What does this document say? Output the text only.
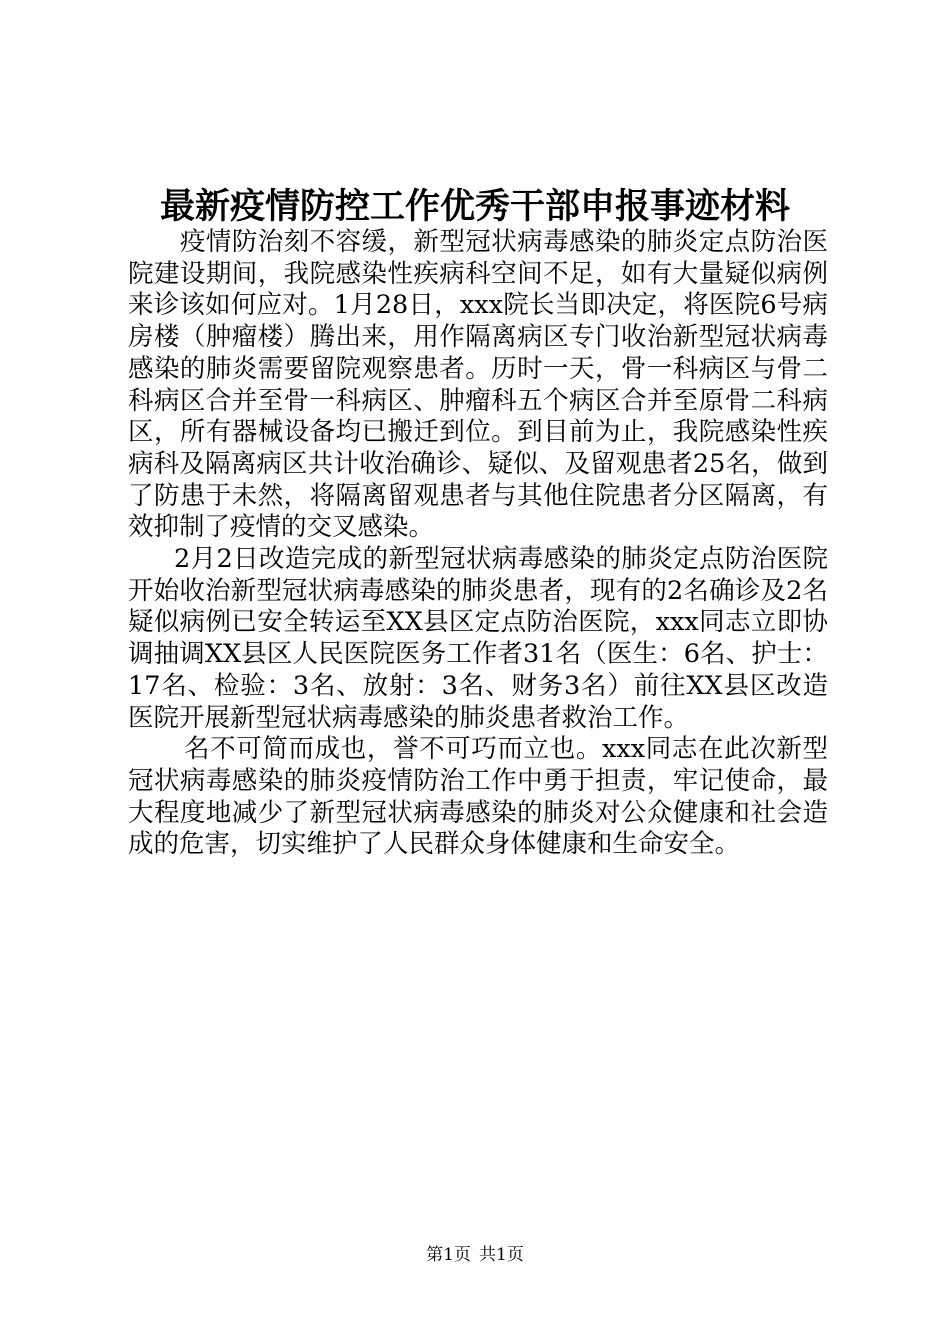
最新疫情防控工作优秀干部申报事迹材料

疫情防治刻不容缓，新型冠状病毒感染的肺炎定点防治医院建设期间，我院感染性疾病科空间不足，如有大量疑似病例来诊该如何应对。1月28日，xxx院长当即决定，将医院6号病房楼（肿瘤楼）腾出来，用作隔离病区专门收治新型冠状病毒感染的肺炎需要留院观察患者。历时一天，骨一科病区与骨二科病区合并至骨一科病区、肿瘤科五个病区合并至原骨二科病区，所有器械设备均已搬迁到位。到目前为止，我院感染性疾病科及隔离病区共计收治确诊、疑似、及留观患者25名，做到了防患于未然，将隔离留观患者与其他住院患者分区隔离，有效抑制了疫情的交叉感染。

2月2日改造完成的新型冠状病毒感染的肺炎定点防治医院开始收治新型冠状病毒感染的肺炎患者，现有的2名确诊及2名疑似病例已安全转运至XX县区定点防治医院，xxx同志立即协调抽调XX县区人民医院医务工作者31名（医生：6名、护士：17名、检验：3名、放射：3名、财务3名）前往XX县区改造医院开展新型冠状病毒感染的肺炎患者救治工作。

名不可简而成也，誉不可巧而立也。xxx同志在此次新型冠状病毒感染的肺炎疫情防治工作中勇于担责，牢记使命，最大程度地减少了新型冠状病毒感染的肺炎对公众健康和社会造成的危害，切实维护了人民群众身体健康和生命安全。

第1页 共1页
